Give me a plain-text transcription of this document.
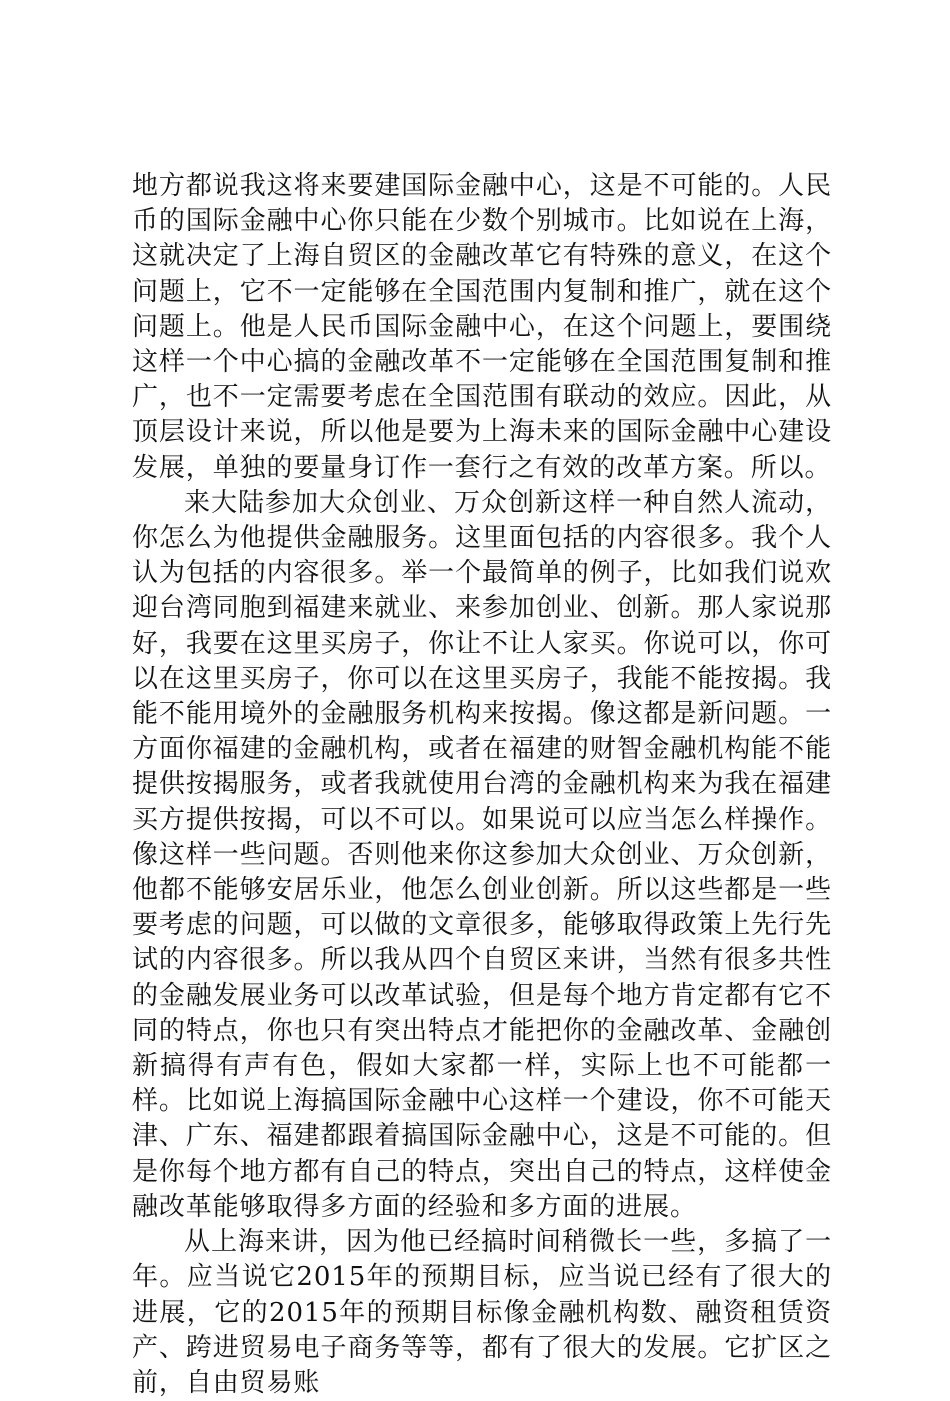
地方都说我这将来要建国际金融中心，这是不可能的。人民币的国际金融中心你只能在少数个别城市。比如说在上海，这就决定了上海自贸区的金融改革它有特殊的意义，在这个问题上，它不一定能够在全国范围内复制和推广，就在这个问题上。他是人民币国际金融中心，在这个问题上，要围绕这样一个中心搞的金融改革不一定能够在全国范围复制和推广，也不一定需要考虑在全国范围有联动的效应。因此，从顶层设计来说，所以他是要为上海未来的国际金融中心建设发展，单独的要量身订作一套行之有效的改革方案。所以。

来大陆参加大众创业、万众创新这样一种自然人流动，你怎么为他提供金融服务。这里面包括的内容很多。我个人认为包括的内容很多。举一个最简单的例子，比如我们说欢迎台湾同胞到福建来就业、来参加创业、创新。那人家说那好，我要在这里买房子，你让不让人家买。你说可以，你可以在这里买房子，你可以在这里买房子，我能不能按揭。我能不能用境外的金融服务机构来按揭。像这都是新问题。一方面你福建的金融机构，或者在福建的财智金融机构能不能提供按揭服务，或者我就使用台湾的金融机构来为我在福建买方提供按揭，可以不可以。如果说可以应当怎么样操作。像这样一些问题。否则他来你这参加大众创业、万众创新，他都不能够安居乐业，他怎么创业创新。所以这些都是一些要考虑的问题，可以做的文章很多，能够取得政策上先行先试的内容很多。所以我从四个自贸区来讲，当然有很多共性的金融发展业务可以改革试验，但是每个地方肯定都有它不同的特点，你也只有突出特点才能把你的金融改革、金融创新搞得有声有色，假如大家都一样，实际上也不可能都一样。比如说上海搞国际金融中心这样一个建设，你不可能天津、广东、福建都跟着搞国际金融中心，这是不可能的。但是你每个地方都有自己的特点，突出自己的特点，这样使金融改革能够取得多方面的经验和多方面的进展。

从上海来讲，因为他已经搞时间稍微长一些，多搞了一年。应当说它2015年的预期目标，应当说已经有了很大的进展，它的2015年的预期目标像金融机构数、融资租赁资产、跨进贸易电子商务等等，都有了很大的发展。它扩区之前，自由贸易账
